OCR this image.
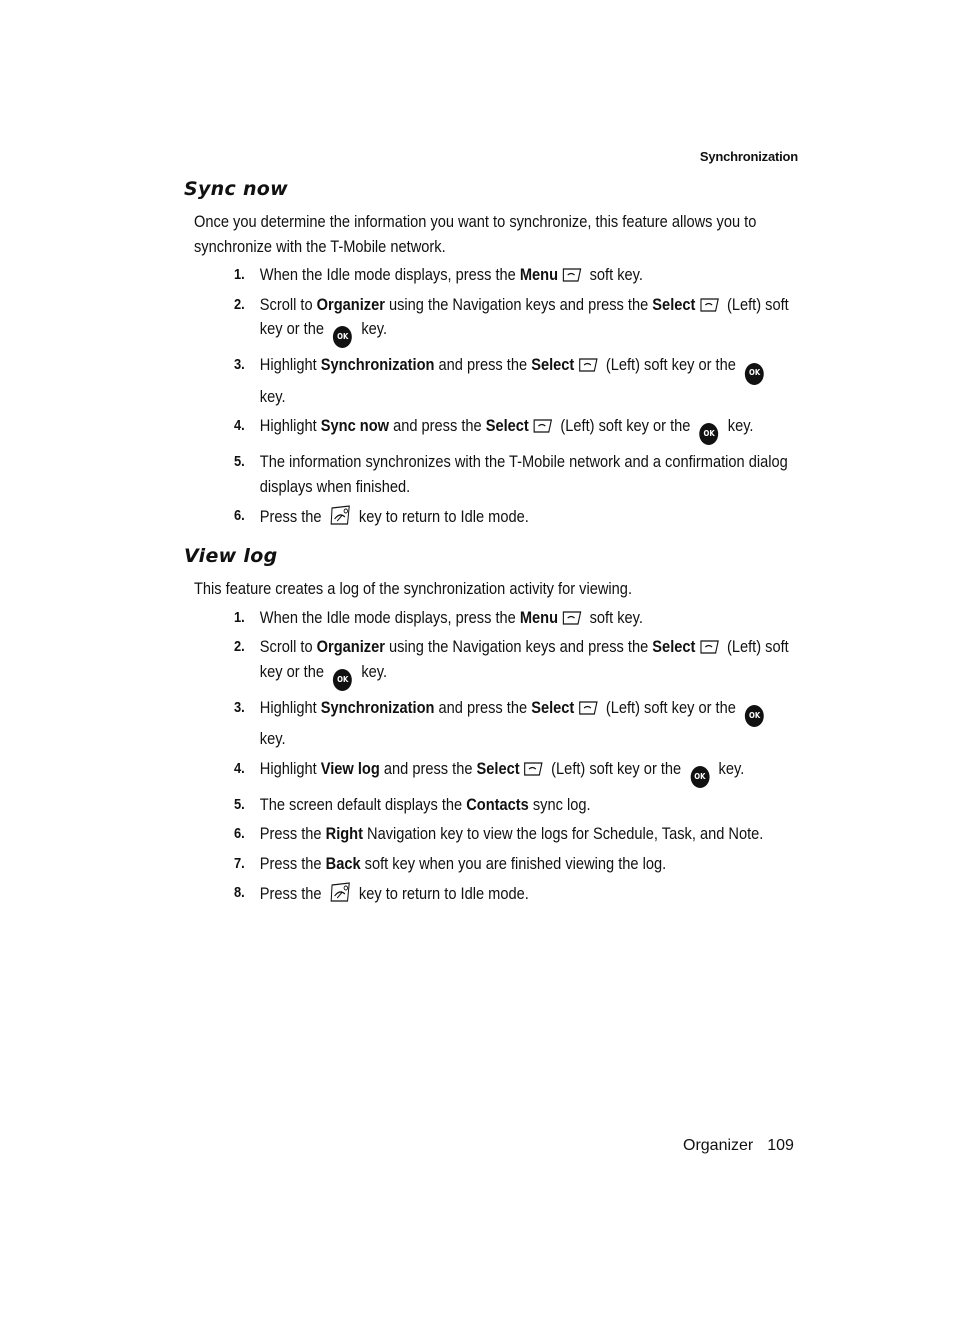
Synchronization
Sync now

Once you determine the information you want to synchronize, this feature allows you to synchronize with the T-Mobile network.

1. When the Idle mode displays, press the Menu soft key.
2. Scroll to Organizer using the Navigation keys and press the Select (Left) soft key or the OK key.
3. Highlight Synchronization and press the Select (Left) soft key or the OK key.
4. Highlight Sync now and press the Select (Left) soft key or the OK key.
5. The information synchronizes with the T-Mobile network and a confirmation dialog displays when finished.
6. Press the  key to return to Idle mode.
View log

This feature creates a log of the synchronization activity for viewing.

1. When the Idle mode displays, press the Menu soft key.
2. Scroll to Organizer using the Navigation keys and press the Select (Left) soft key or the OK key.
3. Highlight Synchronization and press the Select (Left) soft key or the OK key.
4. Highlight View log and press the Select (Left) soft key or the OK key.
5. The screen default displays the Contacts sync log.
6. Press the Right Navigation key to view the logs for Schedule, Task, and Note.
7. Press the Back soft key when you are finished viewing the log.
8. Press the  key to return to Idle mode.
Organizer 109
